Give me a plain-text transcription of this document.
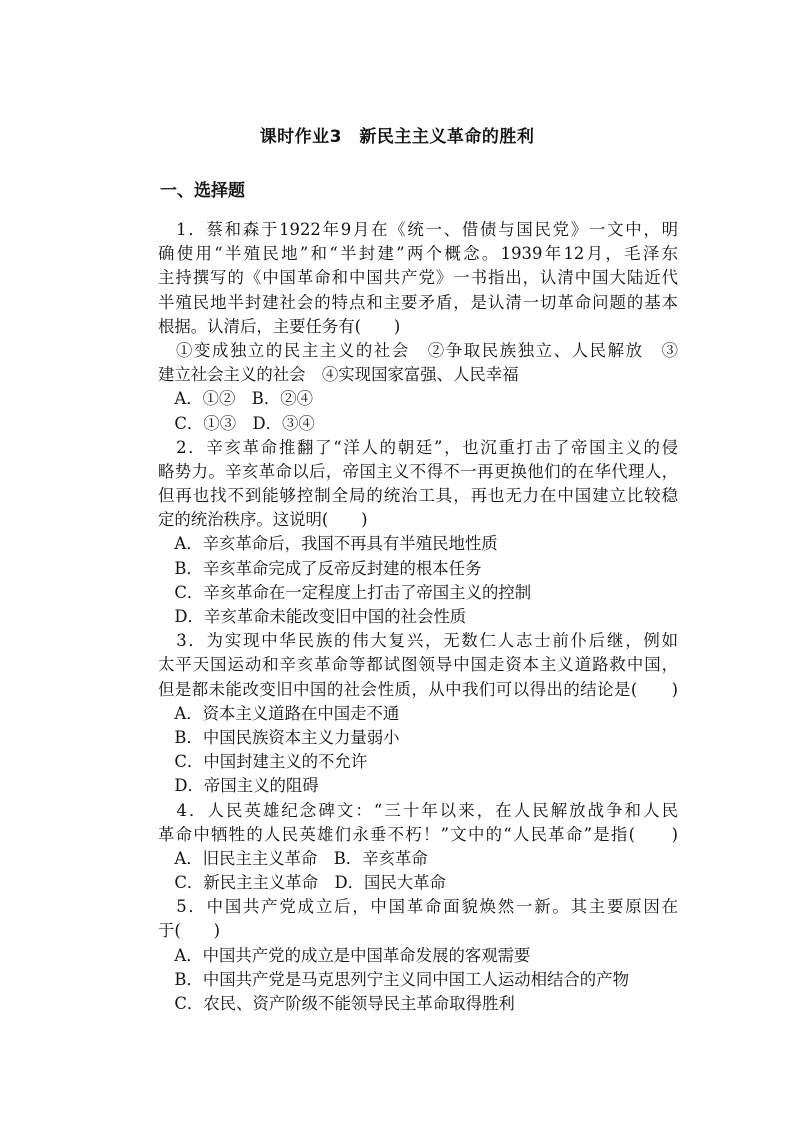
课时作业3　新民主主义革命的胜利
一、选择题
　1．蔡和森于1922年9月在《统一、借债与国民党》一文中，明
确使用“半殖民地”和“半封建”两个概念。1939年12月，毛泽东
主持撰写的《中国革命和中国共产党》一书指出，认清中国大陆近代
半殖民地半封建社会的特点和主要矛盾，是认清一切革命问题的基本
根据。认清后，主要任务有(　　)
　①变成独立的民主主义的社会　②争取民族独立、人民解放　③
建立社会主义的社会　④实现国家富强、人民幸福
　A．①②　B．②④
　C．①③　D．③④
　2．辛亥革命推翻了“洋人的朝廷”，也沉重打击了帝国主义的侵
略势力。辛亥革命以后，帝国主义不得不一再更换他们的在华代理人，
但再也找不到能够控制全局的统治工具，再也无力在中国建立比较稳
定的统治秩序。这说明(　　)
　A．辛亥革命后，我国不再具有半殖民地性质
　B．辛亥革命完成了反帝反封建的根本任务
　C．辛亥革命在一定程度上打击了帝国主义的控制
　D．辛亥革命未能改变旧中国的社会性质
　3．为实现中华民族的伟大复兴，无数仁人志士前仆后继，例如
太平天国运动和辛亥革命等都试图领导中国走资本主义道路救中国，
但是都未能改变旧中国的社会性质，从中我们可以得出的结论是(　　)
　A．资本主义道路在中国走不通
　B．中国民族资本主义力量弱小
　C．中国封建主义的不允许
　D．帝国主义的阻碍
　4．人民英雄纪念碑文：“三十年以来，在人民解放战争和人民
革命中牺牲的人民英雄们永垂不朽！”文中的“人民革命”是指(　　)
　A．旧民主主义革命　B．辛亥革命
　C．新民主主义革命　D．国民大革命
　5．中国共产党成立后，中国革命面貌焕然一新。其主要原因在
于(　　)
　A．中国共产党的成立是中国革命发展的客观需要
　B．中国共产党是马克思列宁主义同中国工人运动相结合的产物
　C．农民、资产阶级不能领导民主革命取得胜利
